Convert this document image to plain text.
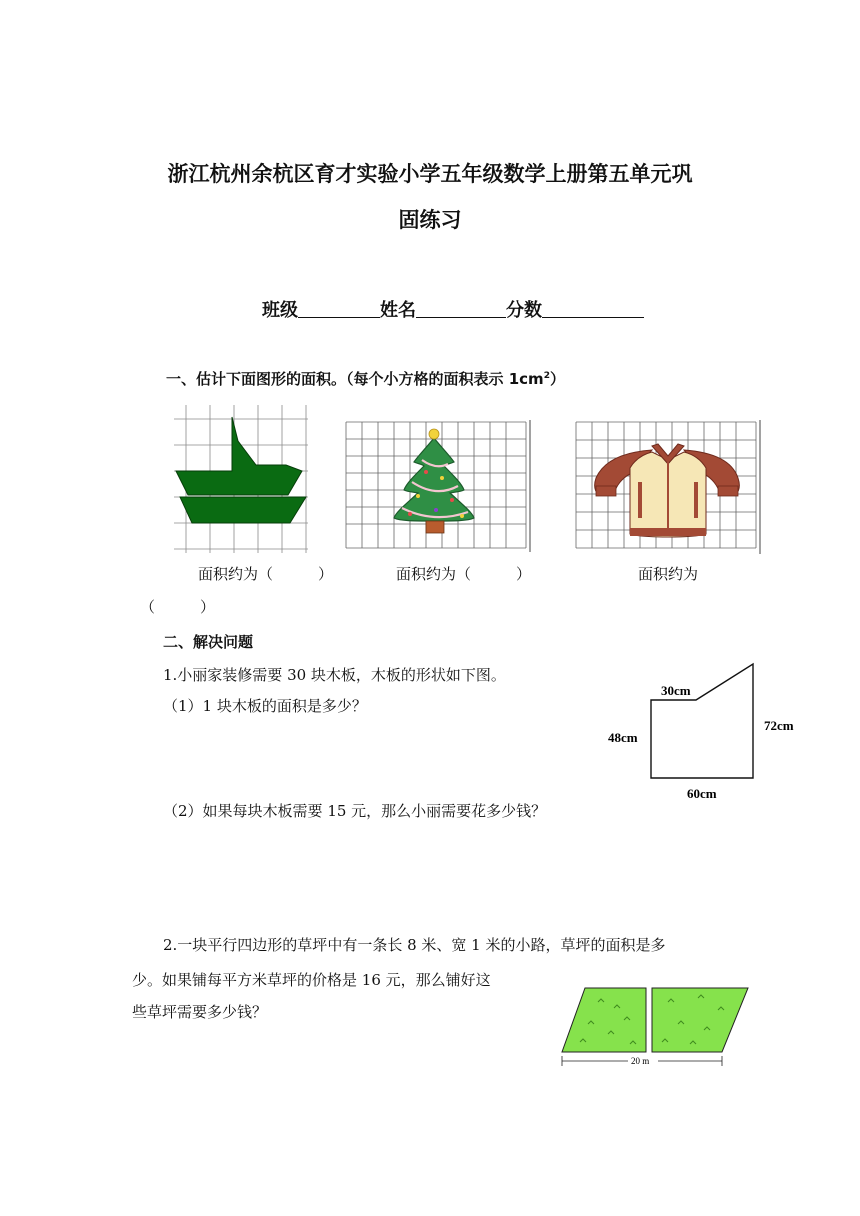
浙江杭州余杭区育才实验小学五年级数学上册第五单元巩
固练习
班级	姓名	分数
一、估计下面图形的面积。（每个小方格的面积表示 $1cm^2$）
面积约为（　　　）	面积约为（　　　）	面积约为
（　　　）
二、解决问题
1.小丽家装修需要 30 块木板，木板的形状如下图。
（1）1 块木板的面积是多少？
（2）如果每块木板需要 15 元，那么小丽需要花多少钱？
30cm
48cm
72cm
60cm
2.一块平行四边形的草坪中有一条长 8 米、宽 1 米的小路，草坪的面积是多
少。如果铺每平方米草坪的价格是 16 元，那么铺好这
些草坪需要多少钱？
20 m
